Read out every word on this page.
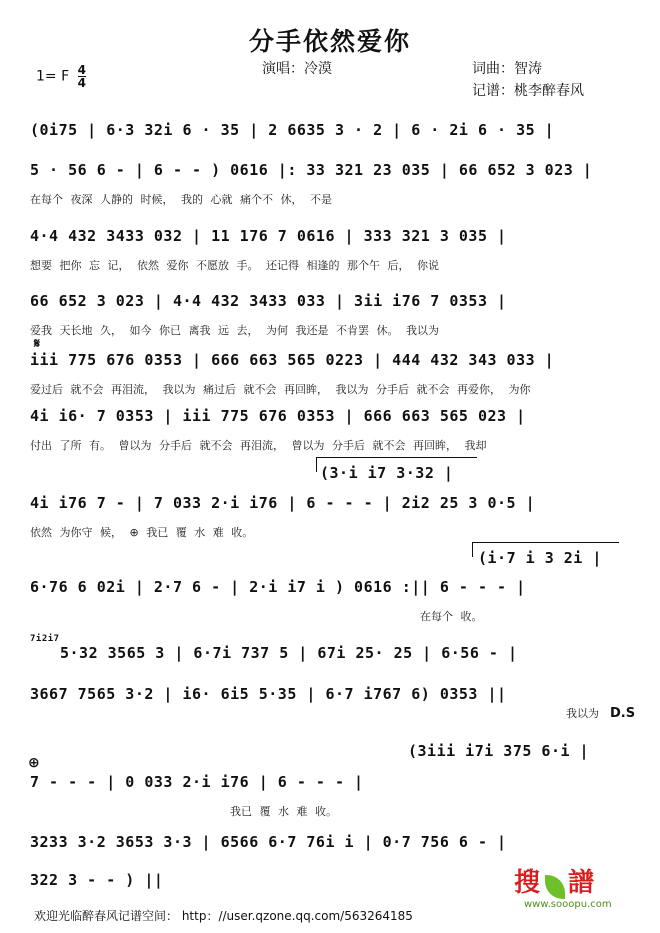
分手依然爱你
演唱：冷漠	词曲：智涛
记谱：桃李醉春风
1= F $\frac{4}{4}$
(0i75 | 6·3 32i 6 · 35 | 2 6635 3 · 2 | 6 · 2i 6 · 35 |
5 · 56 6 - | 6 - - ) 0616 |: 33 321 23 035 | 66 652 3 023 |
在每个 夜深 人静的 时候， 我的 心就 痛个不 休， 不是
4·4 432 3433 032 | 11 176 7 0616 | 333 321 3 035 |
想要 把你 忘 记， 依然 爱你 不愿放 手。 还记得 相逢的 那个午 后， 你说
66 652 3 023 | 4·4 432 3433 033 | 3ii i76 7 0353 |
爱我 天长地 久， 如今 你已 离我 远 去， 为何 我还是 不肯罢 休。 我以为
𝄋
iii 775 676 0353 | 666 663 565 0223 | 444 432 343 033 |
爱过后 就不会 再泪流， 我以为 痛过后 就不会 再回眸， 我以为 分手后 就不会 再爱你， 为你
4i i6· 7 0353 | iii 775 676 0353 | 666 663 565 023 |
付出 了所 有。 曾以为 分手后 就不会 再泪流， 曾以为 分手后 就不会 再回眸， 我却
(3·i i7 3·32 |
4i i76 7 - | 7 033 2·i i76 | 6 - - - | 2i2 25 3 0·5 |
依然 为你守 候， ⊕ 我已 覆 水 难 收。
(i·7 i 3 2i |
6·76 6 02i | 2·7 6 - | 2·i i7 i ) 0616 :|| 6 - - - |
在每个 收。
7i2i7
5·32 3565 3 | 6·7i 737 5 | 67i 25· 25 | 6·56 - |
3667 7565 3·2 | i6· 6i5 5·35 | 6·7 i767 6) 0353 ||
我以为 D.S
(3iii i7i 375 6·i |
⊕
7 - - - | 0 033 2·i i76 | 6 - - - |
我已 覆 水 难 收。
3233 3·2 3653 3·3 | 6566 6·7 76i i | 0·7 756 6 - |
322 3 - - ) ||	搜 譜
www.sooopu.com
欢迎光临醉春风记谱空间： http：//user.qzone.qq.com/563264185
